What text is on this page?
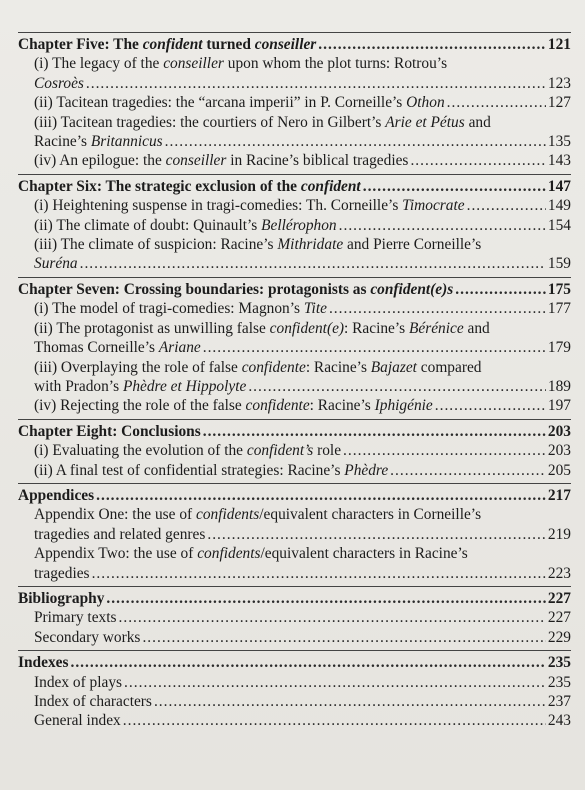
Chapter Five: The confident turned conseiller .....	121
(i) The legacy of the conseiller upon whom the plot turns: Rotrou’s
Cosroès .....	123
(ii) Tacitean tragedies: the “arcana imperii” in P. Corneille’s Othon .....	127
(iii) Tacitean tragedies: the courtiers of Nero in Gilbert’s Arie et Pétus and
Racine’s Britannicus .....	135
(iv) An epilogue: the conseiller in Racine’s biblical tragedies .....	143
Chapter Six: The strategic exclusion of the confident .....	147
(i) Heightening suspense in tragi-comedies: Th. Corneille’s Timocrate .....	149
(ii) The climate of doubt: Quinault’s Bellérophon .....	154
(iii) The climate of suspicion: Racine’s Mithridate and Pierre Corneille’s
Suréna .....	159
Chapter Seven: Crossing boundaries: protagonists as confident(e)s .....	175
(i) The model of tragi-comedies: Magnon’s Tite .....	177
(ii) The protagonist as unwilling false confident(e): Racine’s Bérénice and
Thomas Corneille’s Ariane .....	179
(iii) Overplaying the role of false confidente: Racine’s Bajazet compared
with Pradon’s Phèdre et Hippolyte .....	189
(iv) Rejecting the role of the false confidente: Racine’s Iphigénie .....	197
Chapter Eight: Conclusions .....	203
(i) Evaluating the evolution of the confident’s role .....	203
(ii) A final test of confidential strategies: Racine’s Phèdre .....	205
Appendices .....	217
Appendix One: the use of confidents/equivalent characters in Corneille’s
tragedies and related genres .....	219
Appendix Two: the use of confidents/equivalent characters in Racine’s
tragedies .....	223
Bibliography .....	227
Primary texts .....	227
Secondary works .....	229
Indexes .....	235
Index of plays .....	235
Index of characters .....	237
General index .....	243
